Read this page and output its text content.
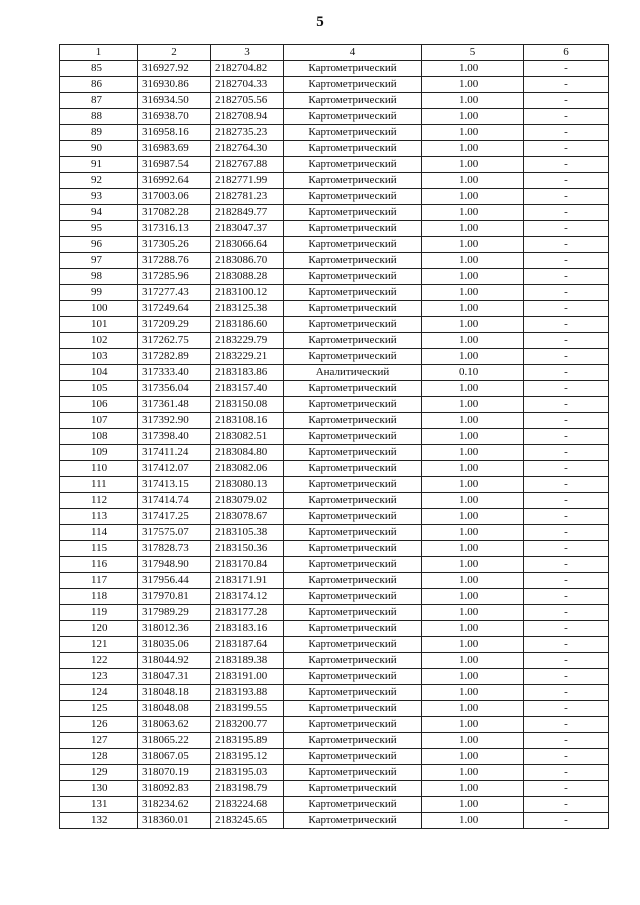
5
1	2	3	4	5	6
85	316927.92	2182704.82	Картометрический	1.00	-
86	316930.86	2182704.33	Картометрический	1.00	-
87	316934.50	2182705.56	Картометрический	1.00	-
88	316938.70	2182708.94	Картометрический	1.00	-
89	316958.16	2182735.23	Картометрический	1.00	-
90	316983.69	2182764.30	Картометрический	1.00	-
91	316987.54	2182767.88	Картометрический	1.00	-
92	316992.64	2182771.99	Картометрический	1.00	-
93	317003.06	2182781.23	Картометрический	1.00	-
94	317082.28	2182849.77	Картометрический	1.00	-
95	317316.13	2183047.37	Картометрический	1.00	-
96	317305.26	2183066.64	Картометрический	1.00	-
97	317288.76	2183086.70	Картометрический	1.00	-
98	317285.96	2183088.28	Картометрический	1.00	-
99	317277.43	2183100.12	Картометрический	1.00	-
100	317249.64	2183125.38	Картометрический	1.00	-
101	317209.29	2183186.60	Картометрический	1.00	-
102	317262.75	2183229.79	Картометрический	1.00	-
103	317282.89	2183229.21	Картометрический	1.00	-
104	317333.40	2183183.86	Аналитический	0.10	-
105	317356.04	2183157.40	Картометрический	1.00	-
106	317361.48	2183150.08	Картометрический	1.00	-
107	317392.90	2183108.16	Картометрический	1.00	-
108	317398.40	2183082.51	Картометрический	1.00	-
109	317411.24	2183084.80	Картометрический	1.00	-
110	317412.07	2183082.06	Картометрический	1.00	-
111	317413.15	2183080.13	Картометрический	1.00	-
112	317414.74	2183079.02	Картометрический	1.00	-
113	317417.25	2183078.67	Картометрический	1.00	-
114	317575.07	2183105.38	Картометрический	1.00	-
115	317828.73	2183150.36	Картометрический	1.00	-
116	317948.90	2183170.84	Картометрический	1.00	-
117	317956.44	2183171.91	Картометрический	1.00	-
118	317970.81	2183174.12	Картометрический	1.00	-
119	317989.29	2183177.28	Картометрический	1.00	-
120	318012.36	2183183.16	Картометрический	1.00	-
121	318035.06	2183187.64	Картометрический	1.00	-
122	318044.92	2183189.38	Картометрический	1.00	-
123	318047.31	2183191.00	Картометрический	1.00	-
124	318048.18	2183193.88	Картометрический	1.00	-
125	318048.08	2183199.55	Картометрический	1.00	-
126	318063.62	2183200.77	Картометрический	1.00	-
127	318065.22	2183195.89	Картометрический	1.00	-
128	318067.05	2183195.12	Картометрический	1.00	-
129	318070.19	2183195.03	Картометрический	1.00	-
130	318092.83	2183198.79	Картометрический	1.00	-
131	318234.62	2183224.68	Картометрический	1.00	-
132	318360.01	2183245.65	Картометрический	1.00	-
